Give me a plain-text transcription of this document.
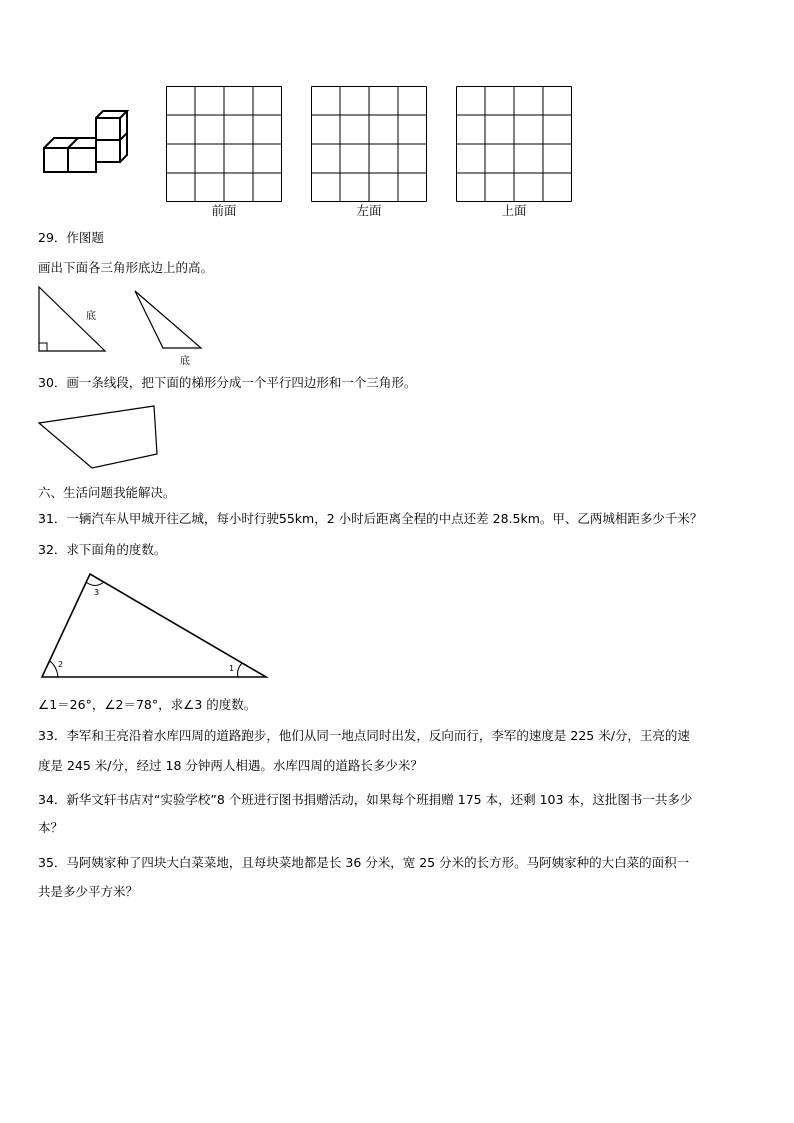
前面	左面	上面
29．作图题
画出下面各三角形底边上的高。
底
底
30．画一条线段，把下面的梯形分成一个平行四边形和一个三角形。
六、生活问题我能解决。
31．一辆汽车从甲城开往乙城，每小时行驶55km，2 小时后距离全程的中点还差 28.5km。甲、乙两城相距多少千米？
32．求下面角的度数。
3
2	1
∠1＝26°，∠2＝78°，求∠3 的度数。
33．李军和王亮沿着水库四周的道路跑步，他们从同一地点同时出发，反向而行，李军的速度是 225 米/分，王亮的速
度是 245 米/分，经过 18 分钟两人相遇。水库四周的道路长多少米？
34．新华文轩书店对“实验学校”8 个班进行图书捐赠活动，如果每个班捐赠 175 本，还剩 103 本，这批图书一共多少
本？
35．马阿姨家种了四块大白菜菜地，且每块菜地都是长 36 分米，宽 25 分米的长方形。马阿姨家种的大白菜的面积一
共是多少平方米？
